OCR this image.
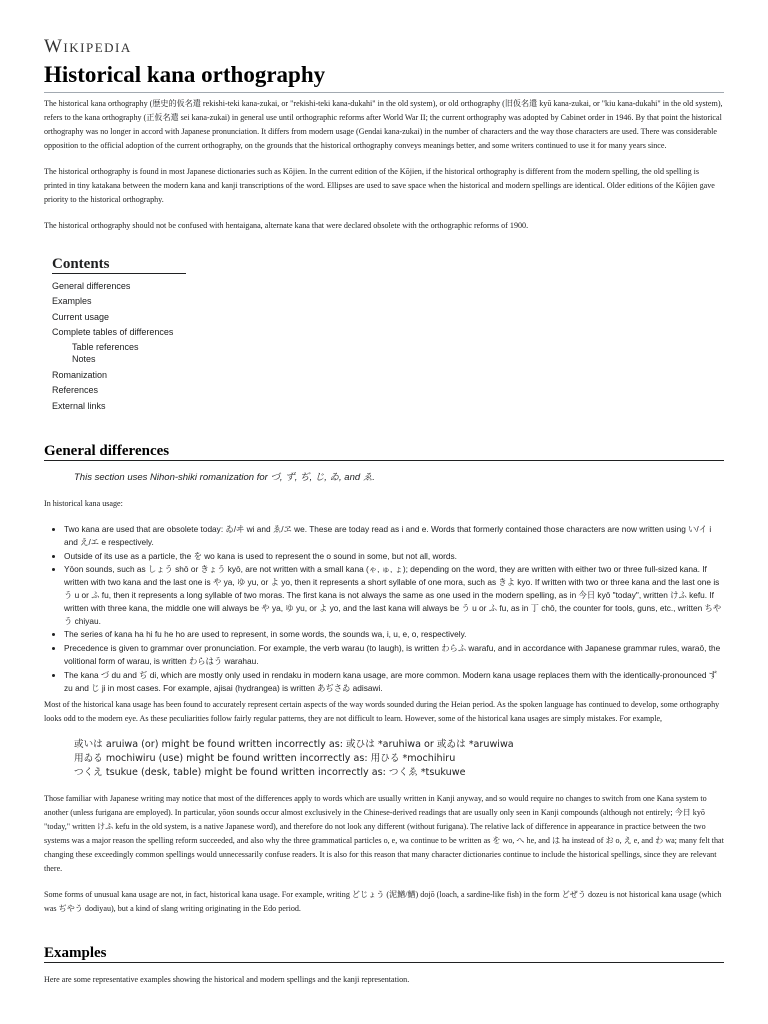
Wikipedia
Historical kana orthography

The historical kana orthography (歴史的仮名遣 rekishi-teki kana-zukai, or "rekishi-teki kana-dukahi" in the old system), or old orthography (旧仮名遣 kyū kana-zukai, or "kiu kana-dukahi" in the old system), refers to the kana orthography (正仮名遣 sei kana-zukai) in general use until orthographic reforms after World War II; the current orthography was adopted by Cabinet order in 1946. By that point the historical orthography was no longer in accord with Japanese pronunciation. It differs from modern usage (Gendai kana-zukai) in the number of characters and the way those characters are used. There was considerable opposition to the official adoption of the current orthography, on the grounds that the historical orthography conveys meanings better, and some writers continued to use it for many years since.

The historical orthography is found in most Japanese dictionaries such as Kōjien. In the current edition of the Kōjien, if the historical orthography is different from the modern spelling, the old spelling is printed in tiny katakana between the modern kana and kanji transcriptions of the word. Ellipses are used to save space when the historical and modern spellings are identical. Older editions of the Kōjien gave priority to the historical orthography.

The historical orthography should not be confused with hentaigana, alternate kana that were declared obsolete with the orthographic reforms of 1900.

Contents
General differences
Examples
Current usage
Complete tables of differences
Table references
Notes
Romanization
References
External links
General differences
This section uses Nihon-shiki romanization for づ, ず, ぢ, じ, ゐ, and ゑ.

In historical kana usage:

• Two kana are used that are obsolete today: ゐ/ヰ wi and ゑ/ヱ we. These are today read as i and e. Words that formerly contained those characters are now written using い/イ i and え/エ e respectively.
• Outside of its use as a particle, the を wo kana is used to represent the o sound in some, but not all, words.
• Yōon sounds, such as しょう shō or きょう kyō, are not written with a small kana (ゃ, ゅ, ょ); depending on the word, they are written with either two or three full-sized kana. If written with two kana and the last one is や ya, ゆ yu, or よ yo, then it represents a short syllable of one mora, such as きよ kyo. If written with two or three kana and the last one is う u or ふ fu, then it represents a long syllable of two moras. The first kana is not always the same as one used in the modern spelling, as in 今日 kyō "today", written けふ kefu. If written with three kana, the middle one will always be や ya, ゆ yu, or よ yo, and the last kana will always be う u or ふ fu, as in 丁 chō, the counter for tools, guns, etc., written ちやう chiyau.
• The series of kana ha hi fu he ho are used to represent, in some words, the sounds wa, i, u, e, o, respectively.
• Precedence is given to grammar over pronunciation. For example, the verb warau (to laugh), is written わらふ warafu, and in accordance with Japanese grammar rules, waraō, the volitional form of warau, is written わらはう warahau.
• The kana づ du and ぢ di, which are mostly only used in rendaku in modern kana usage, are more common. Modern kana usage replaces them with the identically-pronounced ず zu and じ ji in most cases. For example, ajisai (hydrangea) is written あぢさゐ adisawi.

Most of the historical kana usage has been found to accurately represent certain aspects of the way words sounded during the Heian period. As the spoken language has continued to develop, some orthography looks odd to the modern eye. As these peculiarities follow fairly regular patterns, they are not difficult to learn. However, some of the historical kana usages are simply mistakes. For example,

或いは aruiwa (or) might be found written incorrectly as: 或ひは *aruhiwa or 或ゐは *aruwiwa
用ゐる mochiwiru (use) might be found written incorrectly as: 用ひる *mochihiru
つくえ tsukue (desk, table) might be found written incorrectly as: つくゑ *tsukuwe

Those familiar with Japanese writing may notice that most of the differences apply to words which are usually written in Kanji anyway, and so would require no changes to switch from one Kana system to another (unless furigana are employed). In particular, yōon sounds occur almost exclusively in the Chinese-derived readings that are usually only seen in Kanji compounds (although not entirely; 今日 kyō "today," written けふ kefu in the old system, is a native Japanese word), and therefore do not look any different (without furigana). The relative lack of difference in appearance in practice between the two systems was a major reason the spelling reform succeeded, and also why the three grammatical particles o, e, wa continue to be written as を wo, へ he, and は ha instead of お o, え e, and わ wa; many felt that changing these exceedingly common spellings would unnecessarily confuse readers. It is also for this reason that many character dictionaries continue to include the historical spellings, since they are relevant there.

Some forms of unusual kana usage are not, in fact, historical kana usage. For example, writing どじょう (泥鰌/鰌) dojō (loach, a sardine-like fish) in the form どぜう dozeu is not historical kana usage (which was ぢやう dodiyau), but a kind of slang writing originating in the Edo period.

Examples

Here are some representative examples showing the historical and modern spellings and the kanji representation.
